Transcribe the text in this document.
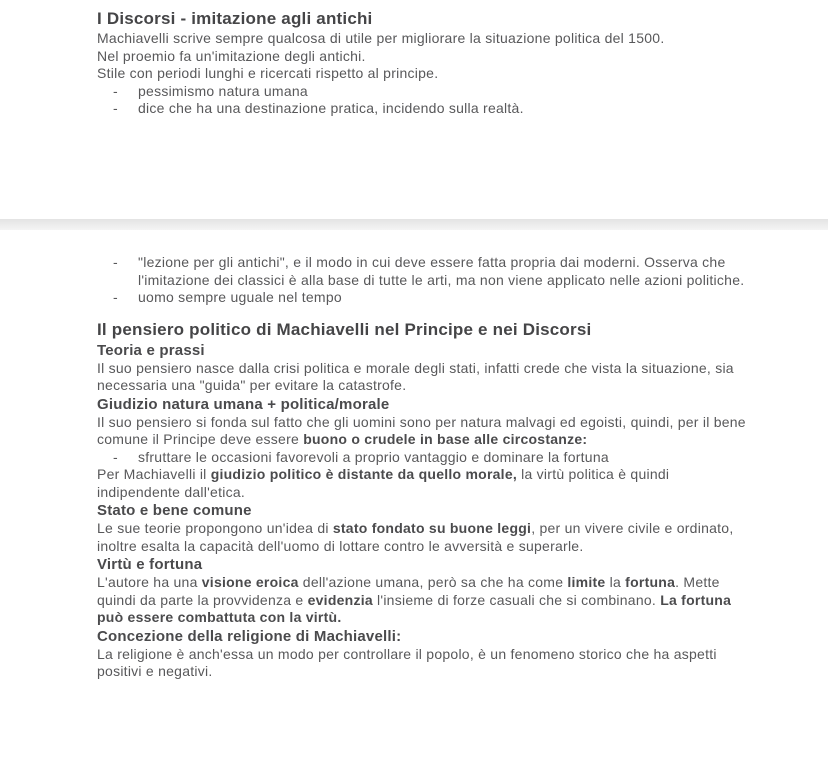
I Discorsi - imitazione agli antichi
Machiavelli scrive sempre qualcosa di utile per migliorare la situazione politica del 1500.
Nel proemio fa un'imitazione degli antichi.
Stile con periodi lunghi e ricercati rispetto al principe.
- pessimismo natura umana
- dice che ha una destinazione pratica, incidendo sulla realtà.
- "lezione per gli antichi", e il modo in cui deve essere fatta propria dai moderni. Osserva che l'imitazione dei classici è alla base di tutte le arti, ma non viene applicato nelle azioni politiche.
- uomo sempre uguale nel tempo
Il pensiero politico di Machiavelli nel Principe e nei Discorsi
Teoria e prassi
Il suo pensiero nasce dalla crisi politica e morale degli stati, infatti crede che vista la situazione, sia necessaria una "guida" per evitare la catastrofe.
Giudizio natura umana + politica/morale
Il suo pensiero si fonda sul fatto che gli uomini sono per natura malvagi ed egoisti, quindi, per il bene comune il Principe deve essere buono o crudele in base alle circostanze:
- sfruttare le occasioni favorevoli a proprio vantaggio e dominare la fortuna
Per Machiavelli il giudizio politico è distante da quello morale, la virtù politica è quindi indipendente dall'etica.
Stato e bene comune
Le sue teorie propongono un'idea di stato fondato su buone leggi, per un vivere civile e ordinato, inoltre esalta la capacità dell'uomo di lottare contro le avversità e superarle.
Virtù e fortuna
L'autore ha una visione eroica dell'azione umana, però sa che ha come limite la fortuna. Mette quindi da parte la provvidenza e evidenzia l'insieme di forze casuali che si combinano. La fortuna può essere combattuta con la virtù.
Concezione della religione di Machiavelli:
La religione è anch'essa un modo per controllare il popolo, è un fenomeno storico che ha aspetti positivi e negativi.
